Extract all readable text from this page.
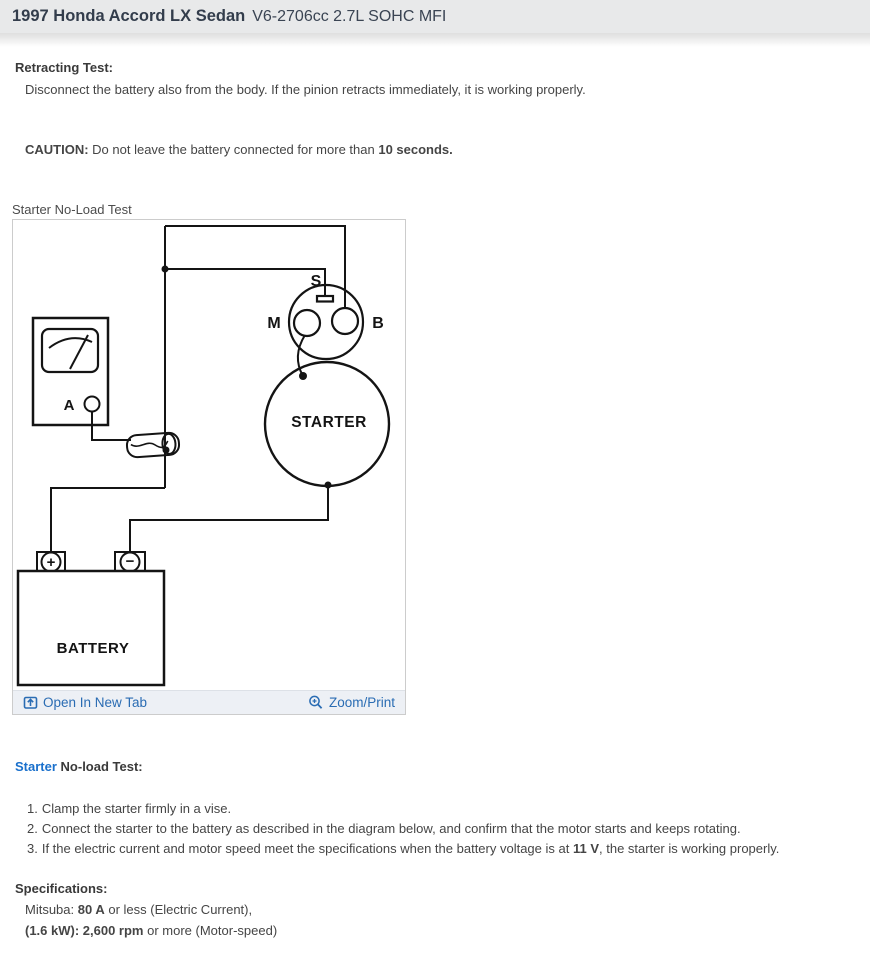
1997 Honda Accord LX Sedan V6-2706cc 2.7L SOHC MFI
Retracting Test:
Disconnect the battery also from the body. If the pinion retracts immediately, it is working properly.
CAUTION: Do not leave the battery connected for more than 10 seconds.
Starter No-Load Test
S
M	B
STARTER
A
+	−
BATTERY
Open In New Tab	Zoom/Print
Starter No-load Test:
1. Clamp the starter firmly in a vise.
2. Connect the starter to the battery as described in the diagram below, and confirm that the motor starts and keeps rotating.
3. If the electric current and motor speed meet the specifications when the battery voltage is at 11 V, the starter is working properly.
Specifications:
Mitsuba: 80 A or less (Electric Current),
(1.6 kW): 2,600 rpm or more (Motor-speed)
